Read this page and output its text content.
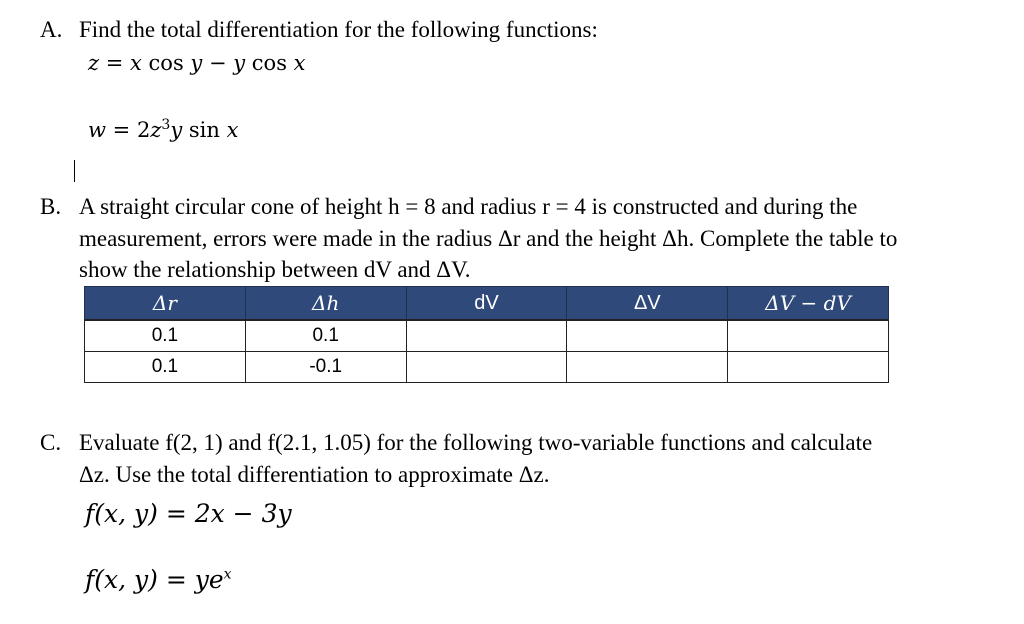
A. Find the total differentiation for the following functions:
z = x cos y − y cos x
$w = 2z^3y$ sin x
B. A straight circular cone of height h = 8 and radius r = 4 is constructed and during the
measurement, errors were made in the radius Δr and the height Δh. Complete the table to
show the relationship between dV and ΔV.
Δr	Δh	dV	ΔV	ΔV − dV
0.1	0.1			
0.1	-0.1			
C. Evaluate f(2, 1) and f(2.1, 1.05) for the following two-variable functions and calculate
Δz. Use the total differentiation to approximate Δz.
f(x, y) = 2x − 3y
f(x, $y) = ye^x$
